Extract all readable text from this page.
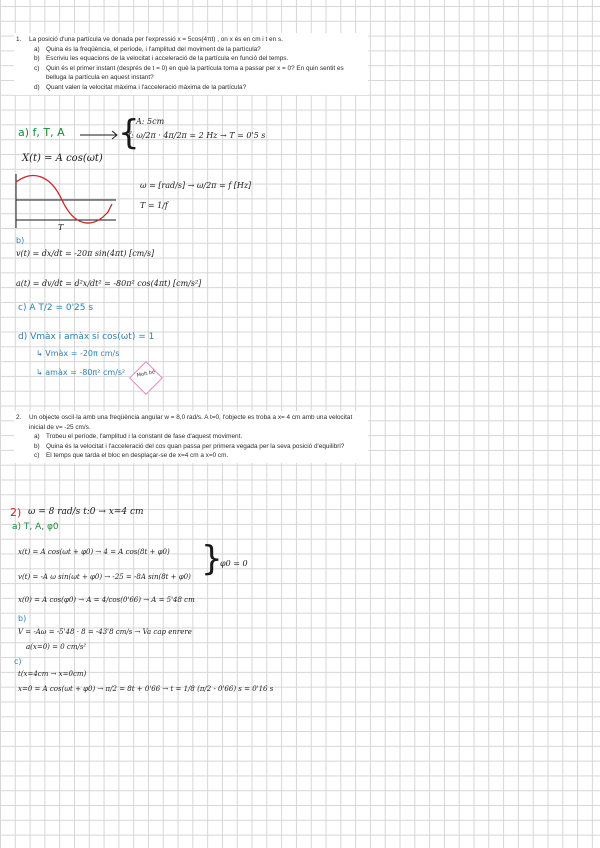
1. La posició d'una partícula ve donada per l'expressió x = 5cos(4πt) , on x és en cm i t en s.
a) Quina és la freqüència, el període, i l'amplitud del moviment de la partícula?
b) Escriviu les equacions de la velocitat i acceleració de la partícula en funció del temps.
c) Quin és el primer instant (després de t = 0) en què la partícula torna a passar per x = 0? En quin sentit es belluga la partícula en aquest instant?
d) Quant valen la velocitat màxima i l'acceleració màxima de la partícula?
a) f, T, A {
A: 5cm
f: ω/2π · 4π/2π = 2 Hz → T = 0'5 s
X(t) = A cos(ωt)
T
ω = [rad/s] → ω/2π = f [Hz]
T = 1/f
b)
v(t) = dx/dt = -20π sin(4πt) [cm/s]
a(t) = dv/dt = d²x/dt² = -80π² cos(4πt) [cm/s²]
c) A T/2 = 0'25 s
d) Vmàx i amàx si cos(ωt) = 1
↳ Vmàx = -20π cm/s
↳ amàx = -80π² cm/s²	Molt bé
2. Un objecte oscil·la amb una freqüència angular w = 8,0 rad/s. A t=0, l'objecte es troba a x= 4 cm amb una velocitat inicial de v= -25 cm/s.
a) Trobeu el període, l'amplitud i la constant de fase d'aquest moviment.
b) Quina és la velocitat i l'acceleració del cos quan passa per primera vegada per la seva posició d'equilibri?
c) El temps que tarda el bloc en desplaçar-se de x=4 cm a x=0 cm.
2) ω = 8 rad/s t:0 → x=4 cm
a) T, A, φ0
x(t) = A cos(ωt + φ0) → 4 = A cos(8t + φ0)
v(t) = -A ω sin(ωt + φ0) → -25 = -8A sin(8t + φ0) }
φ0 = 0
x(0) = A cos(φ0) → A = 4/cos(0'66) → A = 5'48 cm
b)
V = -Aω = -5'48 · 8 = -43'8 cm/s → Va cap enrere
a(x=0) = 0 cm/s²
c)
t(x=4cm → x=0cm)
x=0 = A cos(ωt + φ0) → π/2 = 8t + 0'66 → t = 1/8 (π/2 - 0'66) s = 0'16 s
